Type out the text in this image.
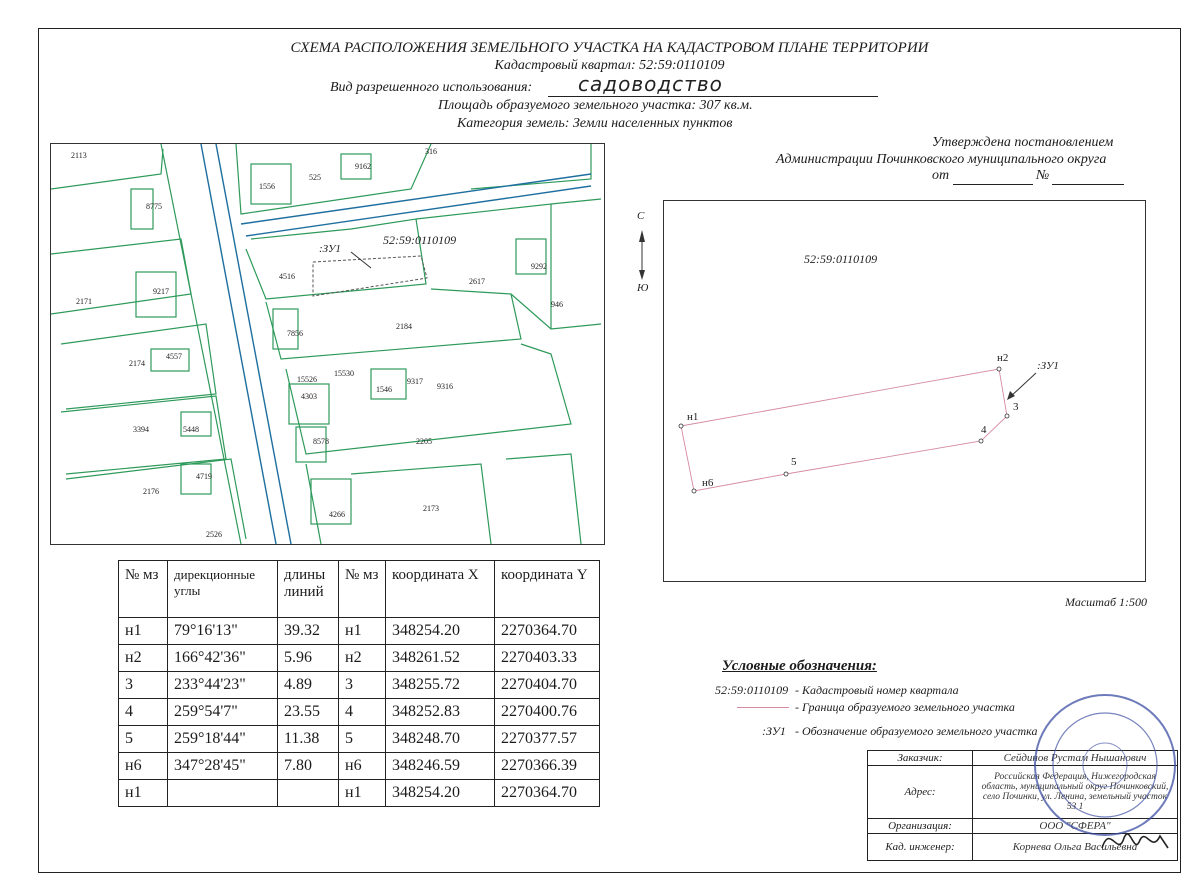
СХЕМА РАСПОЛОЖЕНИЯ ЗЕМЕЛЬНОГО УЧАСТКА НА КАДАСТРОВОМ ПЛАНЕ ТЕРРИТОРИИ
Кадастровый квартал: 52:59:0110109
Вид разрешенного использования: садоводство
Площадь образуемого земельного участка: 307 кв.м.
Категория земель: Земли населенных пунктов
Утверждена постановлением
Администрации Починковского муниципального округа
от	№
2113
8775
2171
9217
2174
4557
3394	5448
2176
4719
2526
1556
525
9162
316
4516
2617
9292
946
7856
2184
15526
15530
4303
1546
9317
9316
8578	2205
4266
2173
:ЗУ1
52:59:0110109
н1
н2
3
4
5
н6
:ЗУ1
52:59:0110109
С
Ю
Масштаб 1:500
№ мз	дирекционные углы	длины линий	№ мз	координата X	координата Y
н1	79°16'13"	39.32	н1	348254.20	2270364.70
н2	166°42'36"	5.96	н2	348261.52	2270403.33
3	233°44'23"	4.89	3	348255.72	2270404.70
4	259°54'7"	23.55	4	348252.83	2270400.76
5	259°18'44"	11.38	5	348248.70	2270377.57
н6	347°28'45"	7.80	н6	348246.59	2270366.39
н1			н1	348254.20	2270364.70
Условные обозначения:
52:59:0110109 - Кадастровый номер квартала
- Граница образуемого земельного участка
:ЗУ1 - Обозначение образуемого земельного участка
Заказчик:	Сейдинов Рустам Нышанович
Адрес:	Российская Федерация, Нижегородская область, муниципальный округ Починковский, село Починки, ул. Ленина, земельный участок 53 1
Организация:	ООО "СФЕРА"
Кад. инженер:	Корнева Ольга Васильевна
